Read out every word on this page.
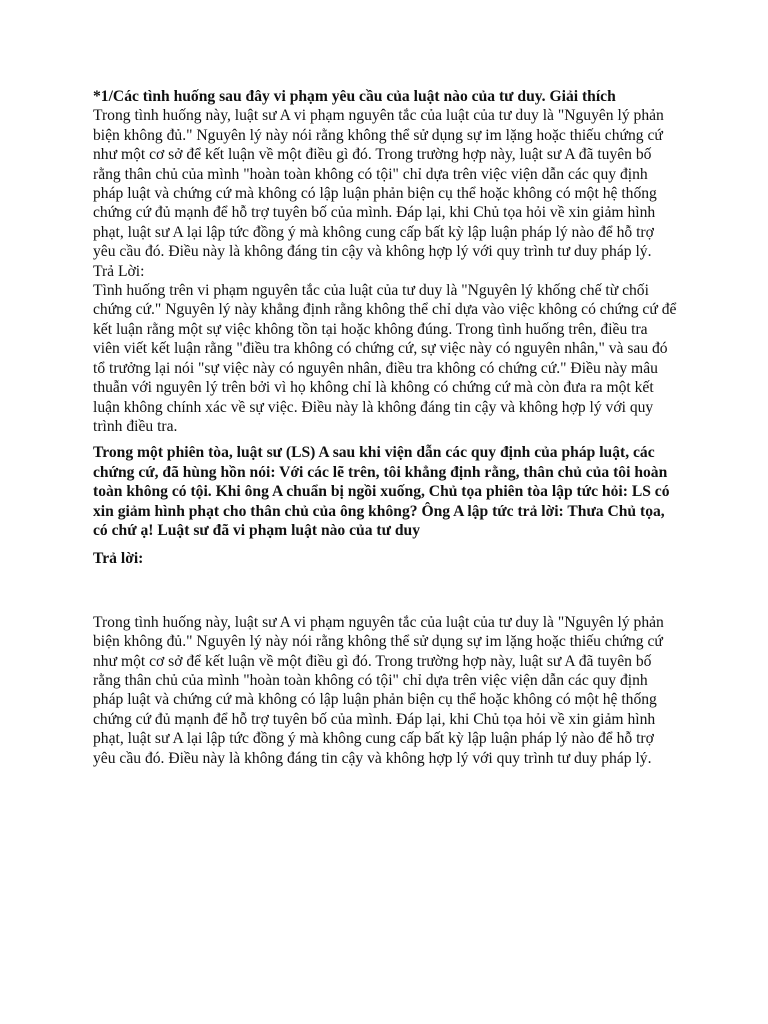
*1/Các tình huống sau đây vi phạm yêu cầu của luật nào của tư duy. Giải thích

Trong tình huống này, luật sư A vi phạm nguyên tắc của luật của tư duy là "Nguyên lý phản biện không đủ." Nguyên lý này nói rằng không thể sử dụng sự im lặng hoặc thiếu chứng cứ như một cơ sở để kết luận về một điều gì đó. Trong trường hợp này, luật sư A đã tuyên bố rằng thân chủ của mình "hoàn toàn không có tội" chỉ dựa trên việc viện dẫn các quy định pháp luật và chứng cứ mà không có lập luận phản biện cụ thể hoặc không có một hệ thống chứng cứ đủ mạnh để hỗ trợ tuyên bố của mình. Đáp lại, khi Chủ tọa hỏi về xin giảm hình phạt, luật sư A lại lập tức đồng ý mà không cung cấp bất kỳ lập luận pháp lý nào để hỗ trợ yêu cầu đó. Điều này là không đáng tin cậy và không hợp lý với quy trình tư duy pháp lý.

Trả Lời:

Tình huống trên vi phạm nguyên tắc của luật của tư duy là "Nguyên lý khống chế từ chối chứng cứ." Nguyên lý này khẳng định rằng không thể chỉ dựa vào việc không có chứng cứ để kết luận rằng một sự việc không tồn tại hoặc không đúng. Trong tình huống trên, điều tra viên viết kết luận rằng "điều tra không có chứng cứ, sự việc này có nguyên nhân," và sau đó tổ trưởng lại nói "sự việc này có nguyên nhân, điều tra không có chứng cứ." Điều này mâu thuẫn với nguyên lý trên bởi vì họ không chỉ là không có chứng cứ mà còn đưa ra một kết luận không chính xác về sự việc. Điều này là không đáng tin cậy và không hợp lý với quy trình điều tra.

Trong một phiên tòa, luật sư (LS) A sau khi viện dẫn các quy định của pháp luật, các chứng cứ, đã hùng hồn nói: Với các lẽ trên, tôi khẳng định rằng, thân chủ của tôi hoàn toàn không có tội. Khi ông A chuẩn bị ngồi xuống, Chủ tọa phiên tòa lập tức hỏi: LS có xin giảm hình phạt cho thân chủ của ông không? Ông A lập tức trả lời: Thưa Chủ tọa, có chứ ạ! Luật sư đã vi phạm luật nào của tư duy

Trả lời:

Trong tình huống này, luật sư A vi phạm nguyên tắc của luật của tư duy là "Nguyên lý phản biện không đủ." Nguyên lý này nói rằng không thể sử dụng sự im lặng hoặc thiếu chứng cứ như một cơ sở để kết luận về một điều gì đó. Trong trường hợp này, luật sư A đã tuyên bố rằng thân chủ của mình "hoàn toàn không có tội" chỉ dựa trên việc viện dẫn các quy định pháp luật và chứng cứ mà không có lập luận phản biện cụ thể hoặc không có một hệ thống chứng cứ đủ mạnh để hỗ trợ tuyên bố của mình. Đáp lại, khi Chủ tọa hỏi về xin giảm hình phạt, luật sư A lại lập tức đồng ý mà không cung cấp bất kỳ lập luận pháp lý nào để hỗ trợ yêu cầu đó. Điều này là không đáng tin cậy và không hợp lý với quy trình tư duy pháp lý.
